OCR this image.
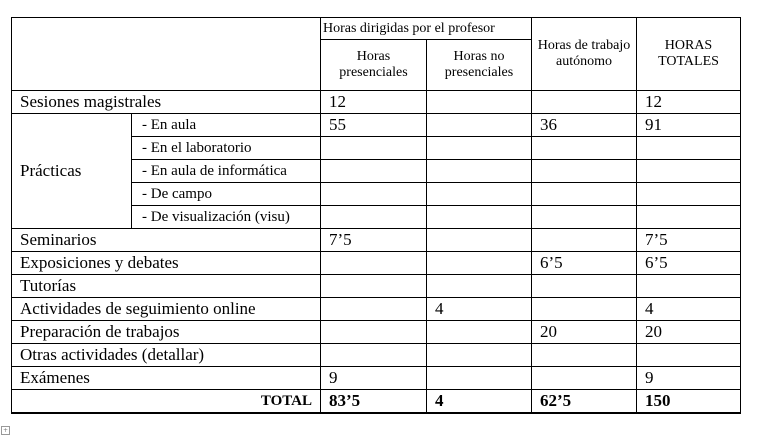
		Horas dirigidas por el profesor		Horas de trabajo autónomo	HORAS TOTALES
		Horas presenciales	Horas no presenciales		
Sesiones magistrales		12			12
Prácticas	- En aula	55		36	91
	- En el laboratorio				
	- En aula de informática				
	- De campo				
	- De visualización (visu)				
Seminarios		7’5			7’5
Exposiciones y debates				6’5	6’5
Tutorías					
Actividades de seguimiento online			4		4
Preparación de trabajos				20	20
Otras actividades (detallar)					
Exámenes		9			9
TOTAL		83’5	4	62’5	150
+
